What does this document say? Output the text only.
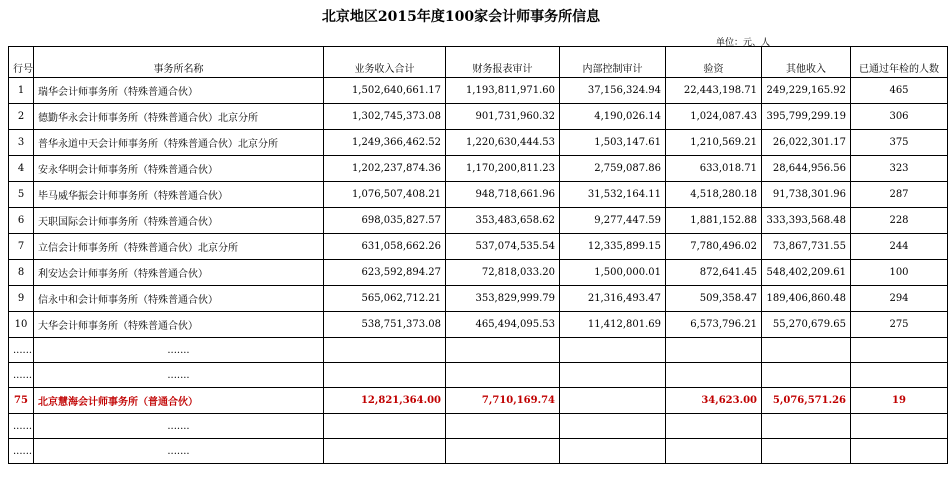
北京地区2015年度100家会计师事务所信息
单位：元、人
行号	事务所名称	业务收入合计	财务报表审计	内部控制审计	验资	其他收入	已通过年检的人数
1	瑞华会计师事务所（特殊普通合伙）	1,502,640,661.17	1,193,811,971.60	37,156,324.94	22,443,198.71	249,229,165.92	465
2	德勤华永会计师事务所（特殊普通合伙）北京分所	1,302,745,373.08	901,731,960.32	4,190,026.14	1,024,087.43	395,799,299.19	306
3	普华永道中天会计师事务所（特殊普通合伙）北京分所	1,249,366,462.52	1,220,630,444.53	1,503,147.61	1,210,569.21	26,022,301.17	375
4	安永华明会计师事务所（特殊普通合伙）	1,202,237,874.36	1,170,200,811.23	2,759,087.86	633,018.71	28,644,956.56	323
5	毕马威华振会计师事务所（特殊普通合伙）	1,076,507,408.21	948,718,661.96	31,532,164.11	4,518,280.18	91,738,301.96	287
6	天职国际会计师事务所（特殊普通合伙）	698,035,827.57	353,483,658.62	9,277,447.59	1,881,152.88	333,393,568.48	228
7	立信会计师事务所（特殊普通合伙）北京分所	631,058,662.26	537,074,535.54	12,335,899.15	7,780,496.02	73,867,731.55	244
8	利安达会计师事务所（特殊普通合伙）	623,592,894.27	72,818,033.20	1,500,000.01	872,641.45	548,402,209.61	100
9	信永中和会计师事务所（特殊普通合伙）	565,062,712.21	353,829,999.79	21,316,493.47	509,358.47	189,406,860.48	294
10	大华会计师事务所（特殊普通合伙）	538,751,373.08	465,494,095.53	11,412,801.69	6,573,796.21	55,270,679.65	275
......	.......						
......	.......						
75	北京慧海会计师事务所（普通合伙）	12,821,364.00	7,710,169.74		34,623.00	5,076,571.26	19
......	.......						
......	.......						
